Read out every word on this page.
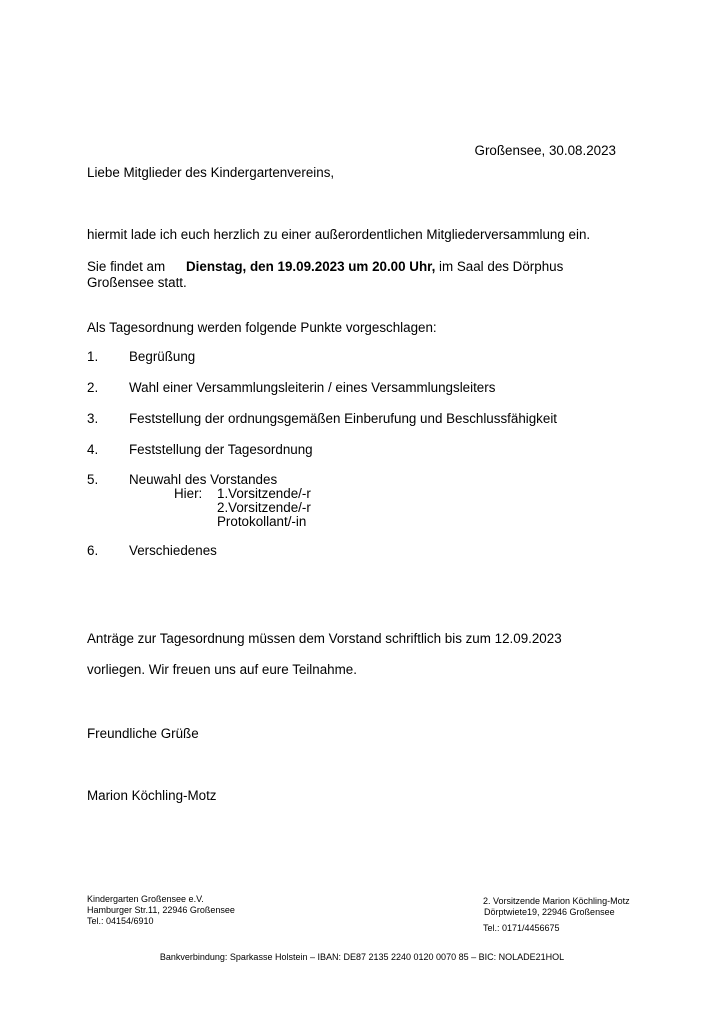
Großensee, 30.08.2023
Liebe Mitglieder des Kindergartenvereins,
hiermit lade ich euch herzlich zu einer außerordentlichen Mitgliederversammlung ein.
Sie findet am Dienstag, den 19.09.2023 um 20.00 Uhr, im Saal des Dörphus
Großensee statt.
Als Tagesordnung werden folgende Punkte vorgeschlagen:
1. Begrüßung
2. Wahl einer Versammlungsleiterin / eines Versammlungsleiters
3. Feststellung der ordnungsgemäßen Einberufung und Beschlussfähigkeit
4. Feststellung der Tagesordnung
5. Neuwahl des Vorstandes
Hier: 1.Vorsitzende/-r
2.Vorsitzende/-r
Protokollant/-in
6. Verschiedenes
Anträge zur Tagesordnung müssen dem Vorstand schriftlich bis zum 12.09.2023
vorliegen. Wir freuen uns auf eure Teilnahme.
Freundliche Grüße
Marion Köchling-Motz
Kindergarten Großensee e.V.
Hamburger Str.11, 22946 Großensee
Tel.: 04154/6910
2. Vorsitzende Marion Köchling-Motz
Dörptwiete19, 22946 Großensee
Tel.: 0171/4456675
Bankverbindung: Sparkasse Holstein – IBAN: DE87 2135 2240 0120 0070 85 – BIC: NOLADE21HOL
